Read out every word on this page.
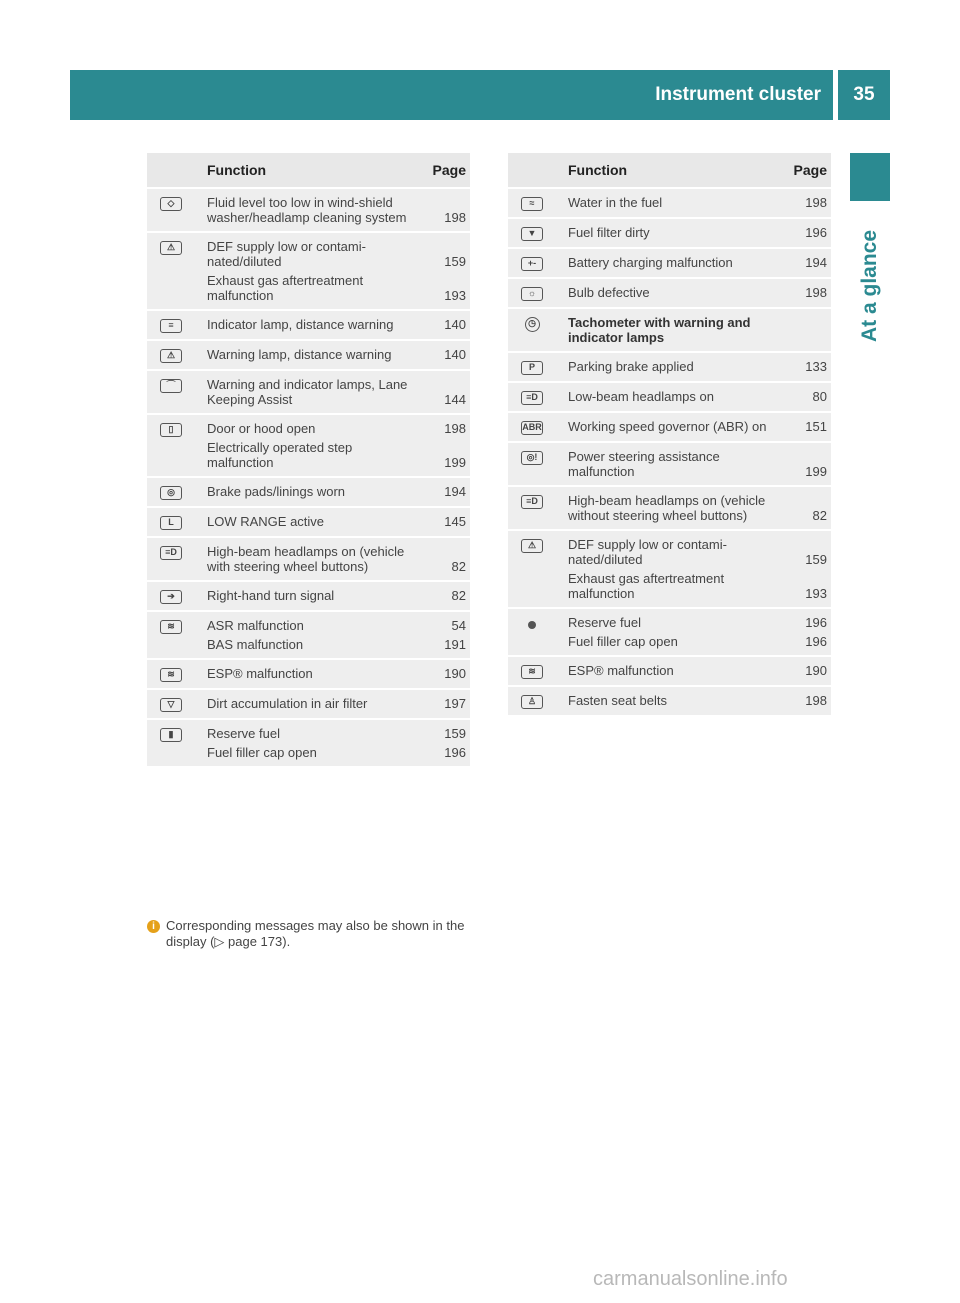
Instrument cluster	35
At a glance
Function	Page
◇	Fluid level too low in wind-shield washer/headlamp cleaning system	198
⚠	DEF supply low or contami-nated/diluted	159
Exhaust gas aftertreatment malfunction	193
≡	Indicator lamp, distance warning	140
⚠	Warning lamp, distance warning	140
⌒	Warning and indicator lamps, Lane Keeping Assist	144
▯	Door or hood open	198
Electrically operated step malfunction	199
◎	Brake pads/linings worn	194
L	LOW RANGE active	145
≡D	High-beam headlamps on (vehicle with steering wheel buttons)	82
➔	Right-hand turn signal	82
≋	ASR malfunction	54
BAS malfunction	191
≋	ESP® malfunction	190
▽	Dirt accumulation in air filter	197
▮	Reserve fuel	159
Fuel filler cap open	196
Function	Page
≈	Water in the fuel	198
▼	Fuel filter dirty	196
+-	Battery charging malfunction	194
☼	Bulb defective	198
◷	Tachometer with warning and indicator lamps
P	Parking brake applied	133
≡D	Low-beam headlamps on	80
ABR	Working speed governor (ABR) on	151
◎!	Power steering assistance malfunction	199
≡D	High-beam headlamps on (vehicle without steering wheel buttons)	82
⚠	DEF supply low or contami-nated/diluted	159
Exhaust gas aftertreatment malfunction	193
Reserve fuel	196
Fuel filler cap open	196
≋	ESP® malfunction	190
♙	Fasten seat belts	198
i Corresponding messages may also be shown in the display (▷ page 173).
carmanualsonline.info
